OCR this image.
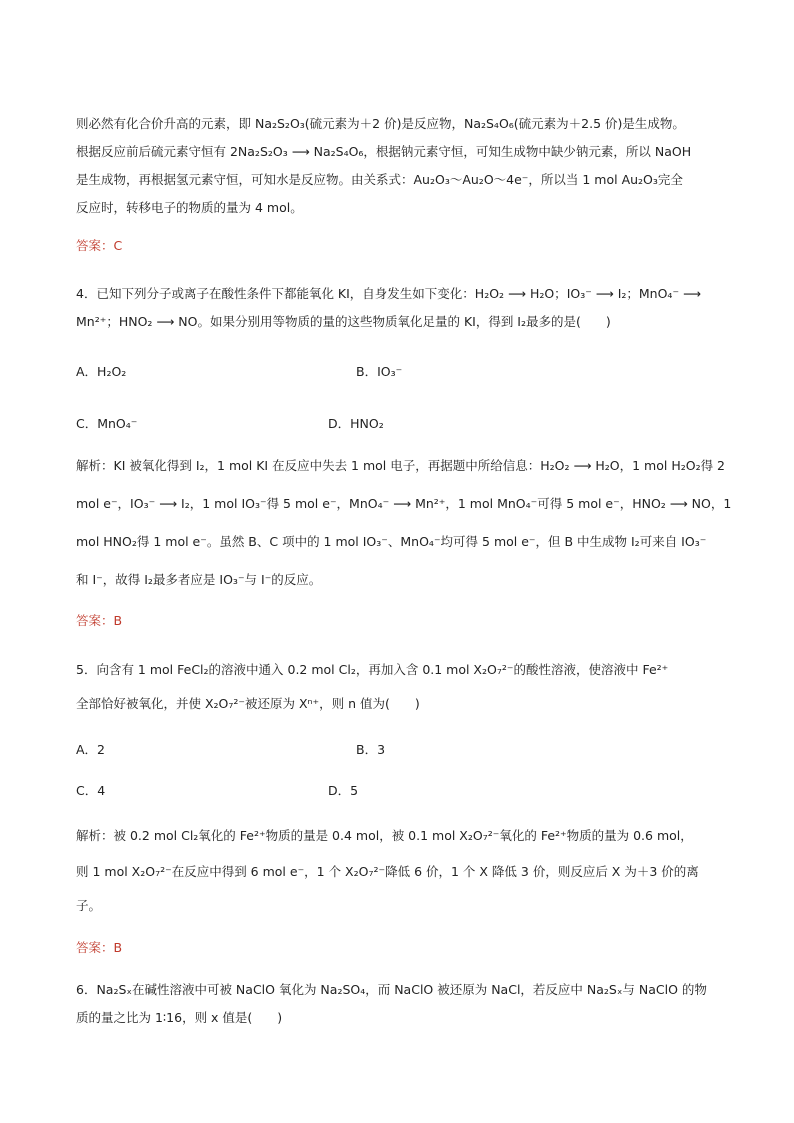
则必然有化合价升高的元素，即 Na₂S₂O₃(硫元素为＋2 价)是反应物，Na₂S₄O₆(硫元素为＋2.5 价)是生成物。
根据反应前后硫元素守恒有 2Na₂S₂O₃ ⟶ Na₂S₄O₆，根据钠元素守恒，可知生成物中缺少钠元素，所以 NaOH
是生成物，再根据氢元素守恒，可知水是反应物。由关系式：Au₂O₃～Au₂O～4e⁻，所以当 1 mol Au₂O₃完全
反应时，转移电子的物质的量为 4 mol。
答案：C
4．已知下列分子或离子在酸性条件下都能氧化 KI，自身发生如下变化：H₂O₂ ⟶ H₂O；IO₃⁻ ⟶ I₂；MnO₄⁻ ⟶
Mn²⁺；HNO₂ ⟶ NO。如果分别用等物质的量的这些物质氧化足量的 KI，得到 I₂最多的是(　　)
A．H₂O₂	B．IO₃⁻
C．MnO₄⁻	D．HNO₂
解析：KI 被氧化得到 I₂，1 mol KI 在反应中失去 1 mol 电子，再据题中所给信息：H₂O₂ ⟶ H₂O，1 mol H₂O₂得 2
mol e⁻，IO₃⁻ ⟶ I₂，1 mol IO₃⁻得 5 mol e⁻，MnO₄⁻ ⟶ Mn²⁺，1 mol MnO₄⁻可得 5 mol e⁻，HNO₂ ⟶ NO，1
mol HNO₂得 1 mol e⁻。虽然 B、C 项中的 1 mol IO₃⁻、MnO₄⁻均可得 5 mol e⁻，但 B 中生成物 I₂可来自 IO₃⁻
和 I⁻，故得 I₂最多者应是 IO₃⁻与 I⁻的反应。
答案：B
5．向含有 1 mol FeCl₂的溶液中通入 0.2 mol Cl₂，再加入含 0.1 mol X₂O₇²⁻的酸性溶液，使溶液中 Fe²⁺
全部恰好被氧化，并使 X₂O₇²⁻被还原为 Xⁿ⁺，则 n 值为(　　)
A．2	B．3
C．4	D．5
解析：被 0.2 mol Cl₂氧化的 Fe²⁺物质的量是 0.4 mol，被 0.1 mol X₂O₇²⁻氧化的 Fe²⁺物质的量为 0.6 mol，
则 1 mol X₂O₇²⁻在反应中得到 6 mol e⁻，1 个 X₂O₇²⁻降低 6 价，1 个 X 降低 3 价，则反应后 X 为＋3 价的离
子。
答案：B
6．Na₂Sₓ在碱性溶液中可被 NaClO 氧化为 Na₂SO₄，而 NaClO 被还原为 NaCl，若反应中 Na₂Sₓ与 NaClO 的物
质的量之比为 1∶16，则 x 值是(　　)
